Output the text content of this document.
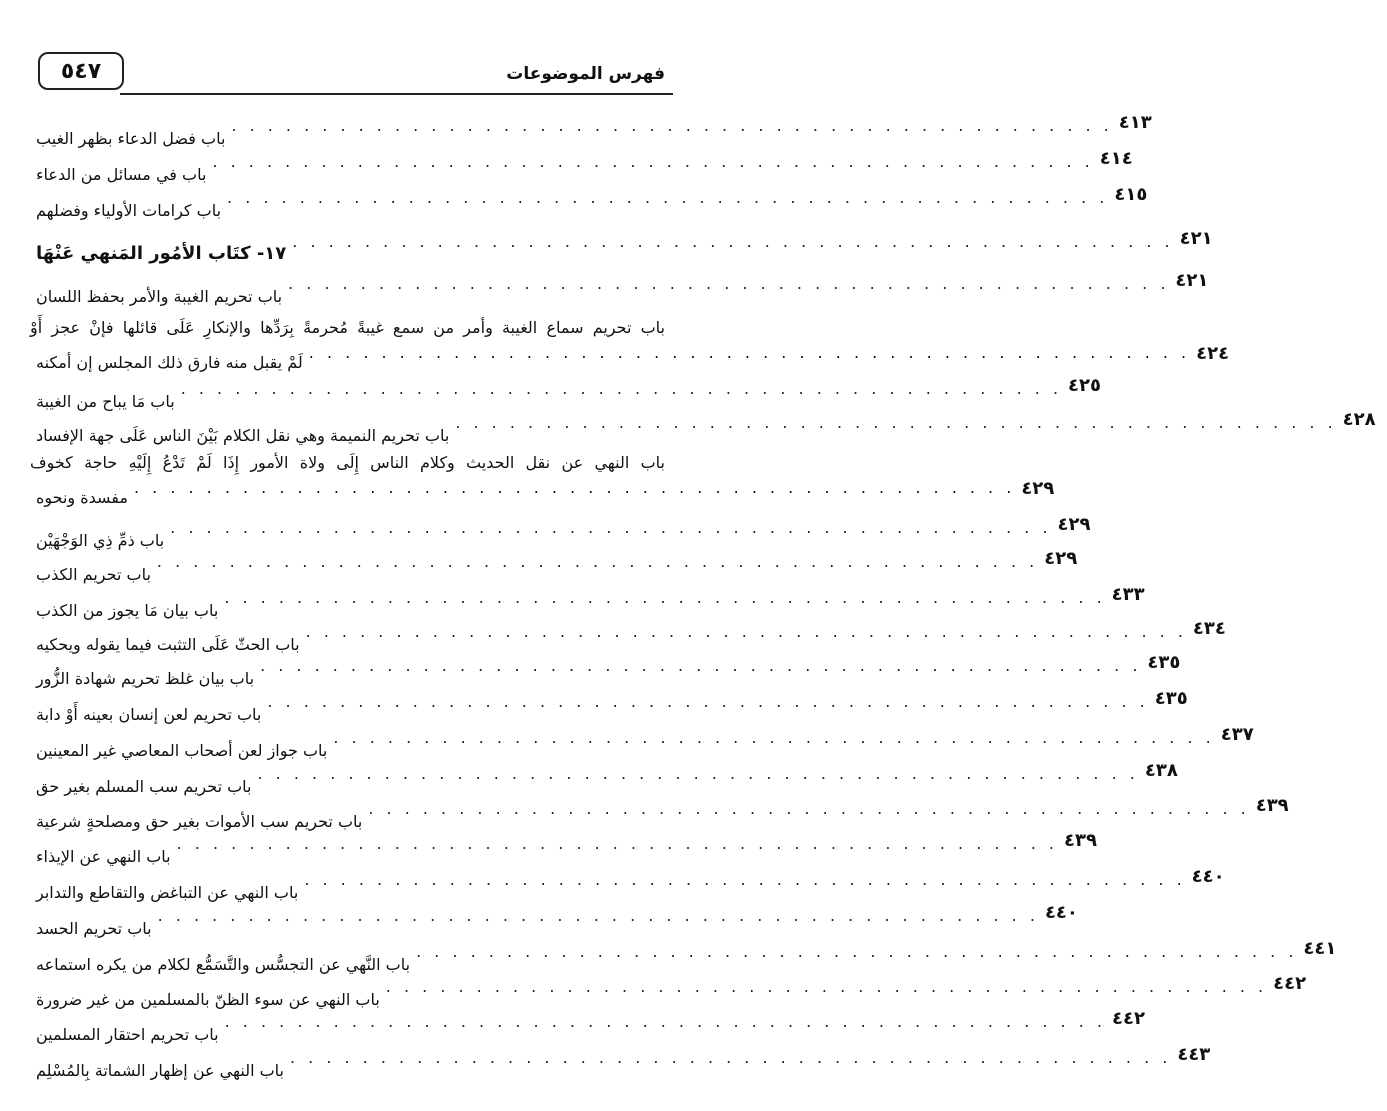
٥٤٧	فهرس الموضوعات
باب فضل الدعاء بظهر الغيب
. . . . . . . . . . . . . . . . . . . . . . . . . . . . . . . . . . . . . . . . . . . . . . . . . ٤١٣
باب في مسائل من الدعاء
. . . . . . . . . . . . . . . . . . . . . . . . . . . . . . . . . . . . . . . . . . . . . . . . . ٤١٤
باب كرامات الأولياء وفضلهم
. . . . . . . . . . . . . . . . . . . . . . . . . . . . . . . . . . . . . . . . . . . . . . . . . ٤١٥
١٧- كتَاب الأمُور المَنهي عَنْهَا
. . . . . . . . . . . . . . . . . . . . . . . . . . . . . . . . . . . . . . . . . . . . . . . . . ٤٢١
باب تحريم الغيبة والأمر بحفظ اللسان
. . . . . . . . . . . . . . . . . . . . . . . . . . . . . . . . . . . . . . . . . . . . . . . . . ٤٢١
باب تحريم سماع الغيبة وأمر من سمع غيبةً مُحرمةً بِرَدِّها والإنكارِ عَلَى قائلها فإنْ عجز أَوْ
لَمْ يقبل منه فارق ذلك المجلس إن أمكنه
. . . . . . . . . . . . . . . . . . . . . . . . . . . . . . . . . . . . . . . . . . . . . . . . . ٤٢٤
باب مَا يباح من الغيبة
. . . . . . . . . . . . . . . . . . . . . . . . . . . . . . . . . . . . . . . . . . . . . . . . . ٤٢٥
باب تحريم النميمة وهي نقل الكلام بَيْنَ الناس عَلَى جهة الإفساد
. . . . . . . . . . . . . . . . . . . . . . . . . . . . . . . . . . . . . . . . . . . . . . . . . ٤٢٨
باب النهي عن نقل الحديث وكلام الناس إِلَى ولاة الأمور إِذَا لَمْ تَدْعُ إِلَيْهِ حاجة كخوف
مفسدة ونحوه
. . . . . . . . . . . . . . . . . . . . . . . . . . . . . . . . . . . . . . . . . . . . . . . . . ٤٢٩
باب ذمِّ ذِي الوَجْهَيْن
. . . . . . . . . . . . . . . . . . . . . . . . . . . . . . . . . . . . . . . . . . . . . . . . . ٤٢٩
باب تحريم الكذب
. . . . . . . . . . . . . . . . . . . . . . . . . . . . . . . . . . . . . . . . . . . . . . . . . ٤٢٩
باب بيان مَا يجوز من الكذب
. . . . . . . . . . . . . . . . . . . . . . . . . . . . . . . . . . . . . . . . . . . . . . . . . ٤٣٣
باب الحثّ عَلَى التثبت فيما يقوله ويحكيه
. . . . . . . . . . . . . . . . . . . . . . . . . . . . . . . . . . . . . . . . . . . . . . . . . ٤٣٤
باب بيان غلظ تحريم شهادة الزُّور
. . . . . . . . . . . . . . . . . . . . . . . . . . . . . . . . . . . . . . . . . . . . . . . . . ٤٣٥
باب تحريم لعن إنسان بعينه أَوْ دابة
. . . . . . . . . . . . . . . . . . . . . . . . . . . . . . . . . . . . . . . . . . . . . . . . . ٤٣٥
باب جواز لعن أصحاب المعاصي غير المعينين
. . . . . . . . . . . . . . . . . . . . . . . . . . . . . . . . . . . . . . . . . . . . . . . . . ٤٣٧
باب تحريم سب المسلم بغير حق
. . . . . . . . . . . . . . . . . . . . . . . . . . . . . . . . . . . . . . . . . . . . . . . . . ٤٣٨
باب تحريم سب الأموات بغير حق ومصلحةٍ شرعية
. . . . . . . . . . . . . . . . . . . . . . . . . . . . . . . . . . . . . . . . . . . . . . . . . ٤٣٩
باب النهي عن الإيذاء
. . . . . . . . . . . . . . . . . . . . . . . . . . . . . . . . . . . . . . . . . . . . . . . . . ٤٣٩
باب النهي عن التباغض والتقاطع والتدابر
. . . . . . . . . . . . . . . . . . . . . . . . . . . . . . . . . . . . . . . . . . . . . . . . . ٤٤٠
باب تحريم الحسد
. . . . . . . . . . . . . . . . . . . . . . . . . . . . . . . . . . . . . . . . . . . . . . . . . ٤٤٠
باب النَّهي عن التجسُّس والتَّسَمُّع لكلام من يكره استماعه
. . . . . . . . . . . . . . . . . . . . . . . . . . . . . . . . . . . . . . . . . . . . . . . . . ٤٤١
باب النهي عن سوء الظنّ بالمسلمين من غير ضرورة
. . . . . . . . . . . . . . . . . . . . . . . . . . . . . . . . . . . . . . . . . . . . . . . . . ٤٤٢
باب تحريم احتقار المسلمين
. . . . . . . . . . . . . . . . . . . . . . . . . . . . . . . . . . . . . . . . . . . . . . . . . ٤٤٢
باب النهي عن إظهار الشماتة بِالمُسْلِم
. . . . . . . . . . . . . . . . . . . . . . . . . . . . . . . . . . . . . . . . . . . . . . . . . ٤٤٣
